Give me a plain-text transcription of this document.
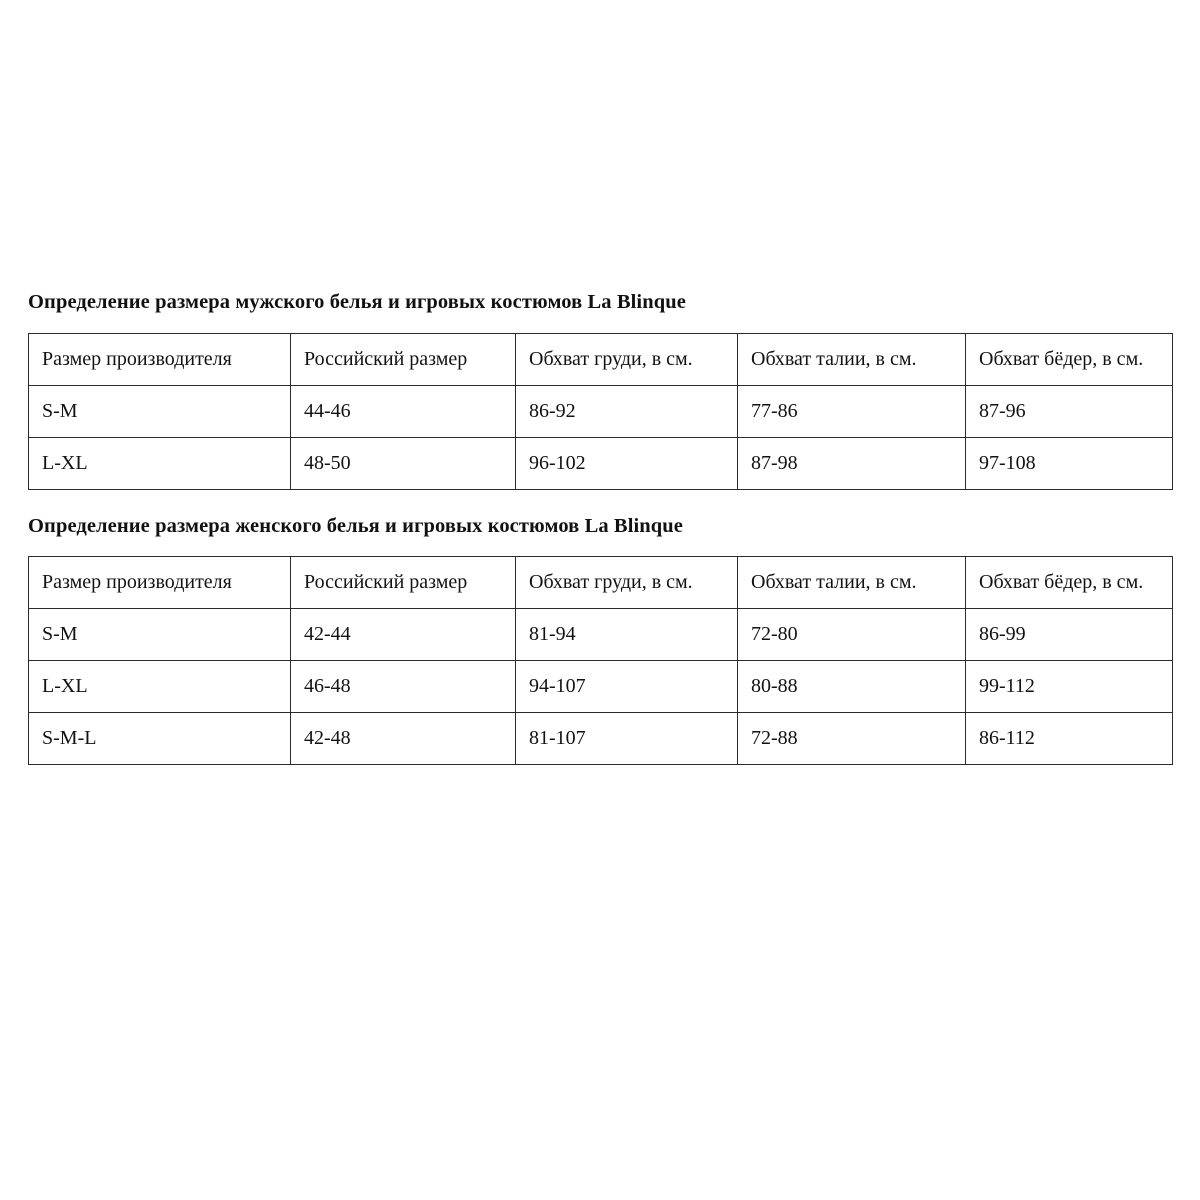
Определение размера мужского белья и игровых костюмов La Blinque
Размер производителя	Российский размер	Обхват груди, в см.	Обхват талии, в см.	Обхват бёдер, в см.
S-M	44-46	86-92	77-86	87-96
L-XL	48-50	96-102	87-98	97-108
Определение размера женского белья и игровых костюмов La Blinque
Размер производителя	Российский размер	Обхват груди, в см.	Обхват талии, в см.	Обхват бёдер, в см.
S-M	42-44	81-94	72-80	86-99
L-XL	46-48	94-107	80-88	99-112
S-M-L	42-48	81-107	72-88	86-112
